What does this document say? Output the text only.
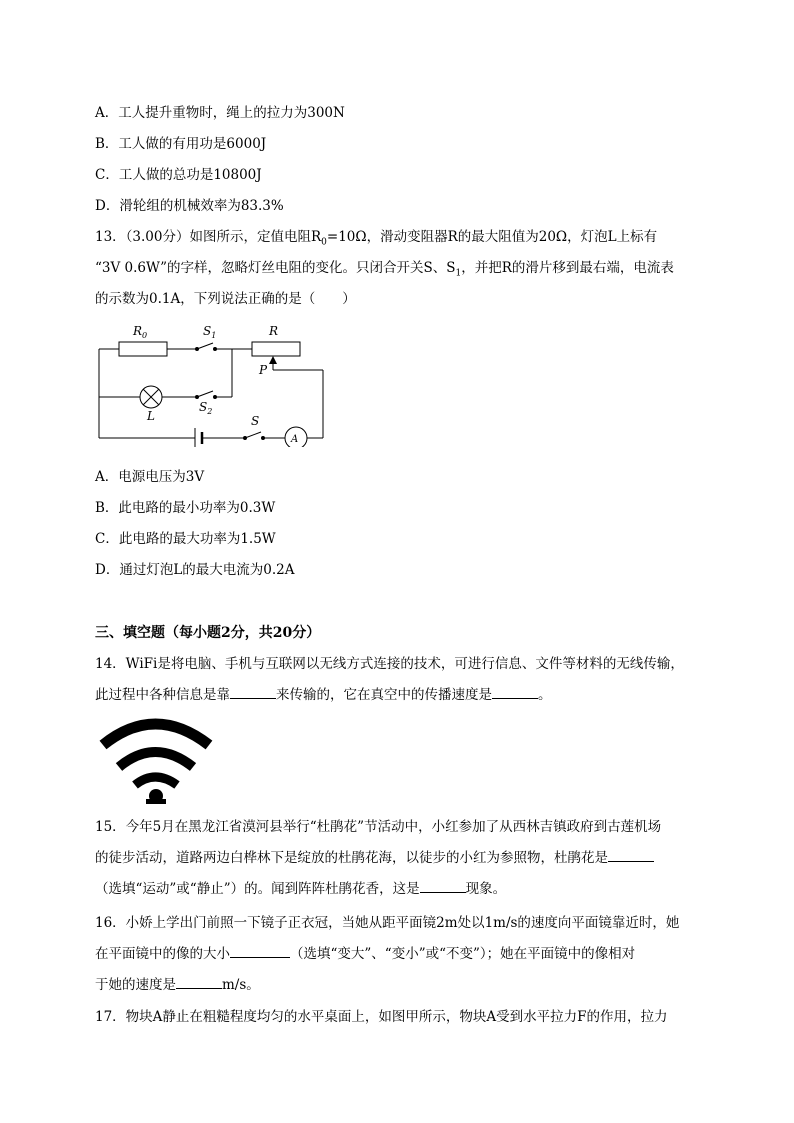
A．工人提升重物时，绳上的拉力为300N
B．工人做的有用功是6000J
C．工人做的总功是10800J
D．滑轮组的机械效率为83.3%
13．（3.00分）如图所示，定值电阻$R_0=10\Omega$，滑动变阻器R的最大阻值为20Ω，灯泡L上标有
“3V 0.6W”的字样，忽略灯丝电阻的变化。只闭合开关S、$S_1$，并把R的滑片移到最右端，电流表
的示数为0.1A，下列说法正确的是（　　）
$R_0$	$S_1$	R
P
L
$S_2$
S
A
A．电源电压为3V
B．此电路的最小功率为0.3W
C．此电路的最大功率为1.5W
D．通过灯泡L的最大电流为0.2A
三、填空题（每小题2分，共20分）
14．WiFi是将电脑、手机与互联网以无线方式连接的技术，可进行信息、文件等材料的无线传输，
此过程中各种信息是靠	来传输的，它在真空中的传播速度是	。
15．今年5月在黑龙江省漠河县举行“杜鹃花”节活动中，小红参加了从西林吉镇政府到古莲机场
的徒步活动，道路两边白桦林下是绽放的杜鹃花海，以徒步的小红为参照物，杜鹃花是
（选填“运动”或“静止”）的。闻到阵阵杜鹃花香，这是	现象。
16．小娇上学出门前照一下镜子正衣冠，当她从距平面镜2m处以1m/s的速度向平面镜靠近时，她
在平面镜中的像的大小	（选填“变大”、“变小”或“不变”）；她在平面镜中的像相对
于她的速度是	m/s。
17．物块A静止在粗糙程度均匀的水平桌面上，如图甲所示，物块A受到水平拉力F的作用，拉力
